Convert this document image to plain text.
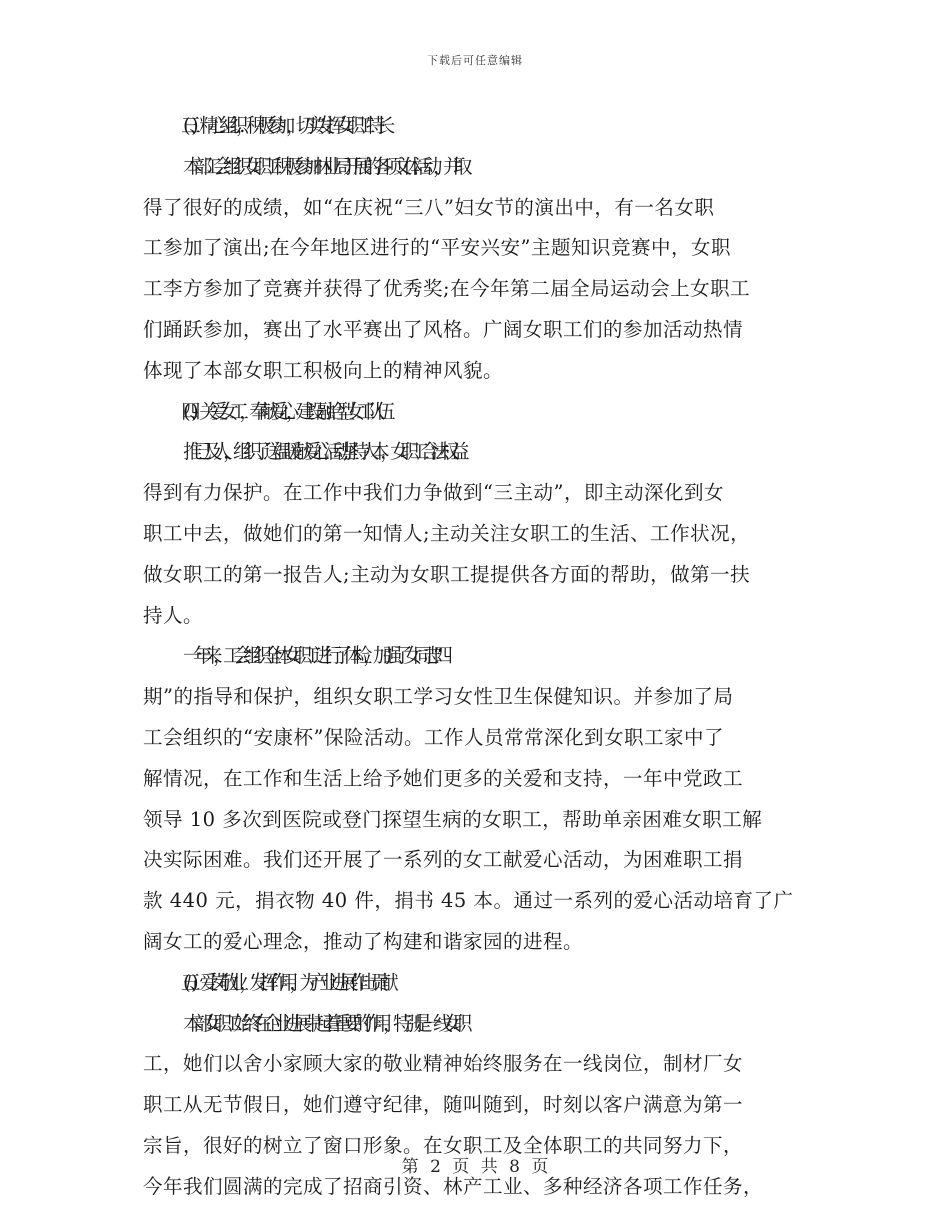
下载后可任意编辑
(三)、精心组织.，积极参加，切实发挥女职工特长
本部工会组织女职工积极参加林业局开展的各项文体活动，并取
得了很好的成绩，如“在庆祝“三八”妇女节的演出中，有一名女职
工参加了演出;在今年地区进行的“平安兴安”主题知识竞赛中，女职
工李方参加了竞赛并获得了优秀奖;在今年第二届全局运动会上女职工
们踊跃参加，赛出了水平赛出了风格。广阔女职工们的参加活动热情
体现了本部女职工积极向上的精神风貌。
(四)、关爱女工，奉献爱心 ，建设融洽型女工队伍
推已及人，组织了送温暖献爱心活动;坚持人本，女职工合法权益
得到有力保护。在工作中我们力争做到“三主动”，即主动深化到女
职工中去，做她们的第一知情人;主动关注女职工的生活、工作状况，
做女职工的第一报告人;主动为女职工提提供各方面的帮助，做第一扶
持人。
一年来，工会组织全体女职工进行了体检，加强了女同志“四
期”的指导和保护，组织女职工学习女性卫生保健知识。并参加了局
工会组织的“安康杯”保险活动。工作人员常常深化到女职工家中了
解情况，在工作和生活上给予她们更多的关爱和支持，一年中党政工
领导 10 多次到医院或登门探望生病的女职工，帮助单亲困难女职工解
决实际困难。我们还开展了一系列的女工献爱心活动，为困难职工捐
款 440 元，捐衣物 40 件，捐书 45 本。通过一系列的爱心活动培育了广
阔女工的爱心理念，推动了构建和谐家园的进程。
(五)、爱岗敬业，发挥作用，为产业进展作出贡献
本部女职工始终在企业进展中起着重要的作用，特别是一线女职
工，她们以舍小家顾大家的敬业精神始终服务在一线岗位，制材厂女
职工从无节假日，她们遵守纪律，随叫随到，时刻以客户满意为第一
宗旨，很好的树立了窗口形象。在女职工及全体职工的共同努力下，
今年我们圆满的完成了招商引资、林产工业、多种经济各项工作任务，
第 2 页 共 8 页
